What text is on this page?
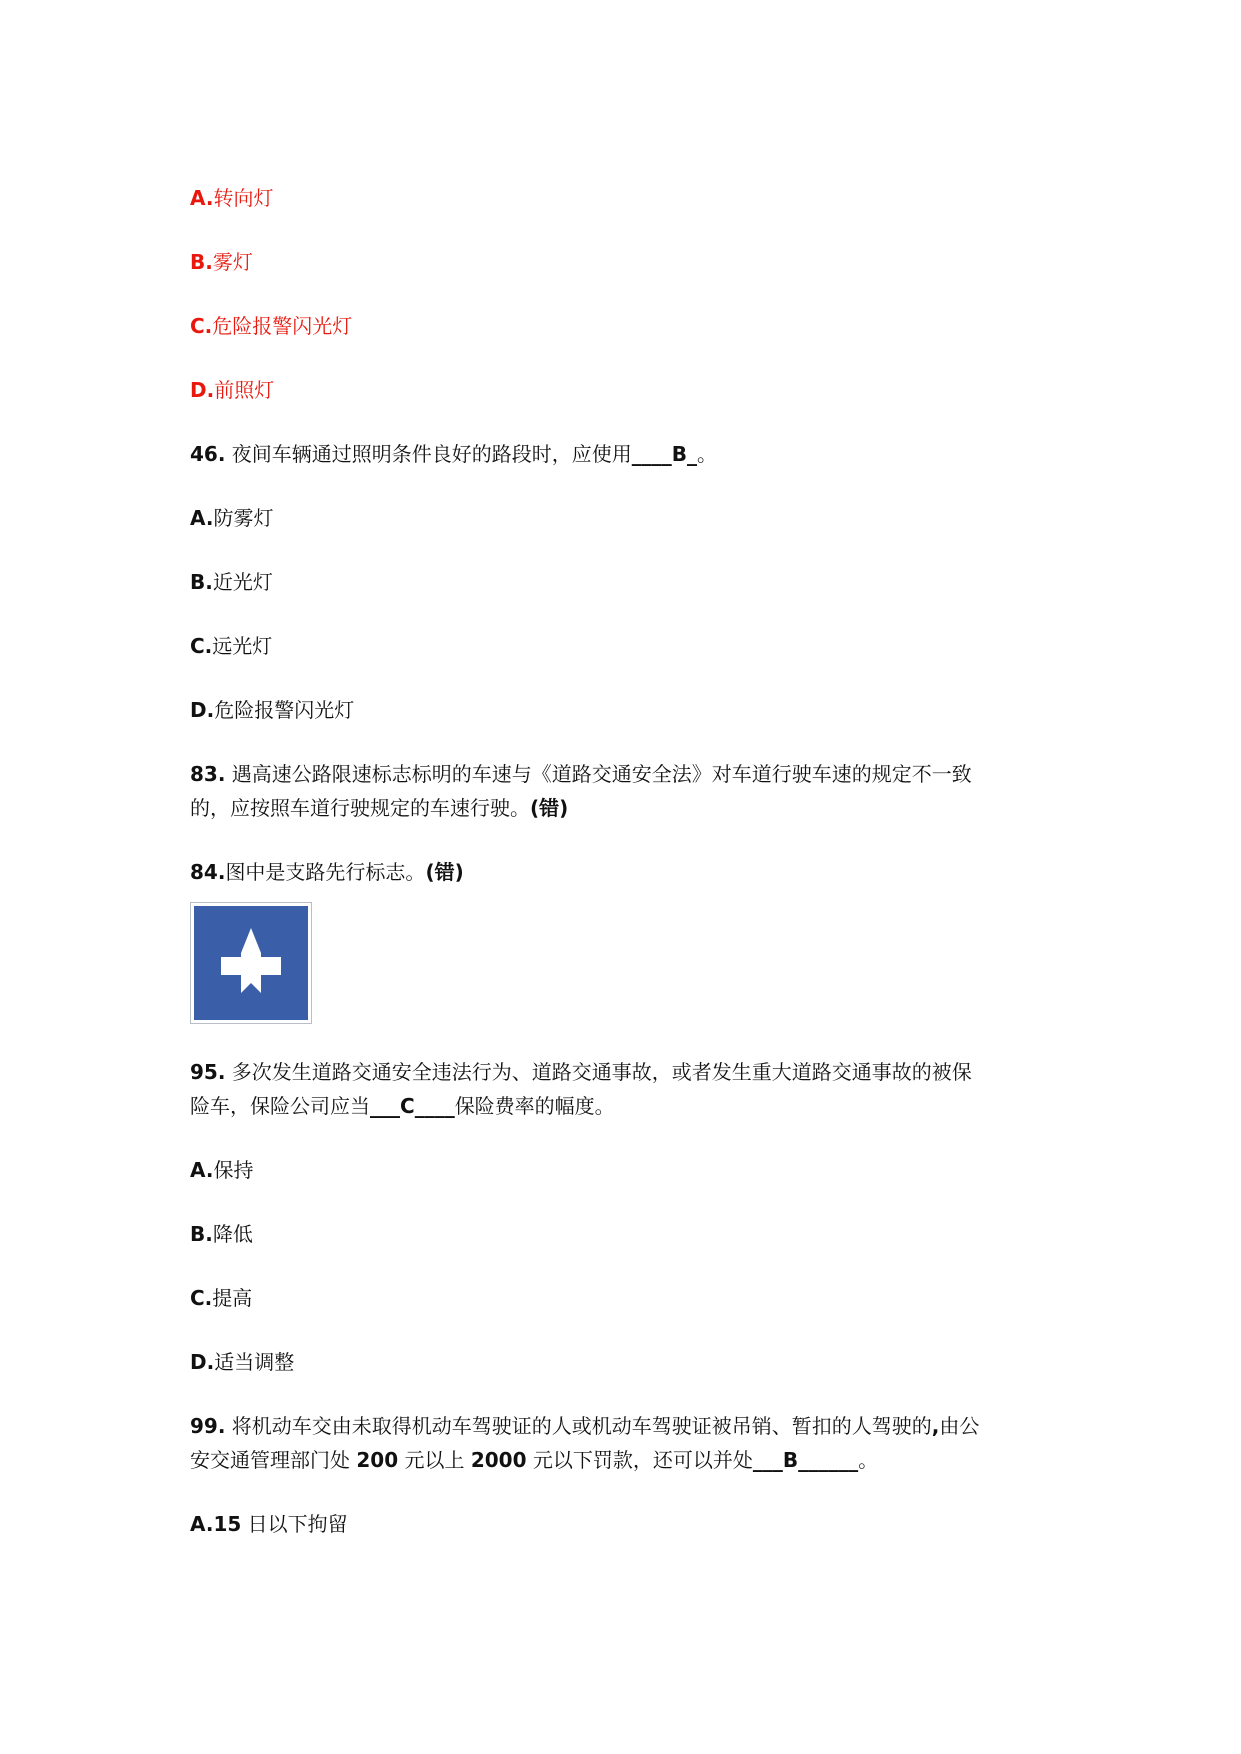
A.转向灯
B.雾灯
C.危险报警闪光灯
D.前照灯
46. 夜间车辆通过照明条件良好的路段时，应使用____B_。
A.防雾灯
B.近光灯
C.远光灯
D.危险报警闪光灯
83. 遇高速公路限速标志标明的车速与《道路交通安全法》对车道行驶车速的规定不一致
的，应按照车道行驶规定的车速行驶。(错)
84.图中是支路先行标志。(错)
95. 多次发生道路交通安全违法行为、道路交通事故，或者发生重大道路交通事故的被保
险车，保险公司应当___C____保险费率的幅度。
A.保持
B.降低
C.提高
D.适当调整
99. 将机动车交由未取得机动车驾驶证的人或机动车驾驶证被吊销、暂扣的人驾驶的,由公
安交通管理部门处 200 元以上 2000 元以下罚款，还可以并处___B______。
A.15 日以下拘留
